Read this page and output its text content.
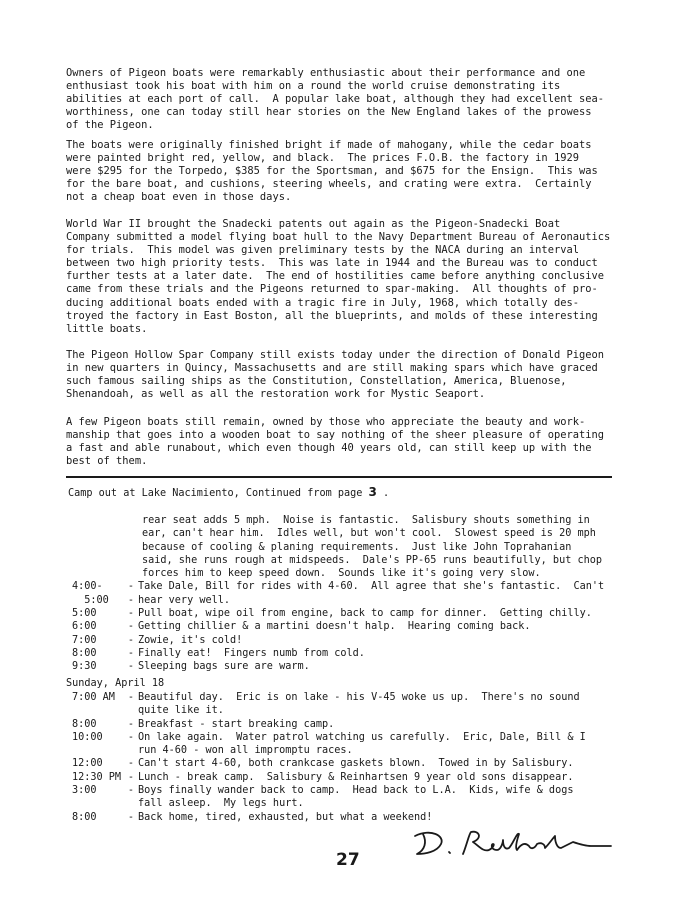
Owners of Pigeon boats were remarkably enthusiastic about their performance and one
enthusiast took his boat with him on a round the world cruise demonstrating its
abilities at each port of call.  A popular lake boat, although they had excellent sea-
worthiness, one can today still hear stories on the New England lakes of the prowess
of the Pigeon.
The boats were originally finished bright if made of mahogany, while the cedar boats
were painted bright red, yellow, and black.  The prices F.O.B. the factory in 1929
were $295 for the Torpedo, $385 for the Sportsman, and $675 for the Ensign.  This was
for the bare boat, and cushions, steering wheels, and crating were extra.  Certainly
not a cheap boat even in those days.
World War II brought the Snadecki patents out again as the Pigeon-Snadecki Boat
Company submitted a model flying boat hull to the Navy Department Bureau of Aeronautics
for trials.  This model was given preliminary tests by the NACA during an interval
between two high priority tests.  This was late in 1944 and the Bureau was to conduct
further tests at a later date.  The end of hostilities came before anything conclusive
came from these trials and the Pigeons returned to spar-making.  All thoughts of pro-
ducing additional boats ended with a tragic fire in July, 1968, which totally des-
troyed the factory in East Boston, all the blueprints, and molds of these interesting
little boats.
The Pigeon Hollow Spar Company still exists today under the direction of Donald Pigeon
in new quarters in Quincy, Massachusetts and are still making spars which have graced
such famous sailing ships as the Constitution, Constellation, America, Bluenose,
Shenandoah, as well as all the restoration work for Mystic Seaport.
A few Pigeon boats still remain, owned by those who appreciate the beauty and work-
manship that goes into a wooden boat to say nothing of the sheer pleasure of operating
a fast and able runabout, which even though 40 years old, can still keep up with the
best of them.
Camp out at Lake Nacimiento, Continued from page 3 .
rear seat adds 5 mph.  Noise is fantastic.  Salisbury shouts something in
ear, can't hear him.  Idles well, but won't cool.  Slowest speed is 20 mph
because of cooling & planing requirements.  Just like John Toprahanian
said, she runs rough at midspeeds.  Dale's PP-65 runs beautifully, but chop
forces him to keep speed down.  Sounds like it's going very slow.
4:00-	- Take Dale, Bill for rides with 4-60.  All agree that she's fantastic.  Can't
5:00	- hear very well.
5:00	- Pull boat, wipe oil from engine, back to camp for dinner.  Getting chilly.
6:00	- Getting chillier & a martini doesn't halp.  Hearing coming back.
7:00	- Zowie, it's cold!
8:00	- Finally eat!  Fingers numb from cold.
9:30	- Sleeping bags sure are warm.
Sunday, April 18
7:00 AM	- Beautiful day.  Eric is on lake - his V-45 woke us up.  There's no sound
quite like it.
8:00	- Breakfast - start breaking camp.
10:00	- On lake again.  Water patrol watching us carefully.  Eric, Dale, Bill & I
run 4-60 - won all impromptu races.
12:00	- Can't start 4-60, both crankcase gaskets blown.  Towed in by Salisbury.
12:30 PM - Lunch - break camp.  Salisbury & Reinhartsen 9 year old sons disappear.
3:00	- Boys finally wander back to camp.  Head back to L.A.  Kids, wife & dogs
fall asleep.  My legs hurt.
8:00	- Back home, tired, exhausted, but what a weekend!
27
